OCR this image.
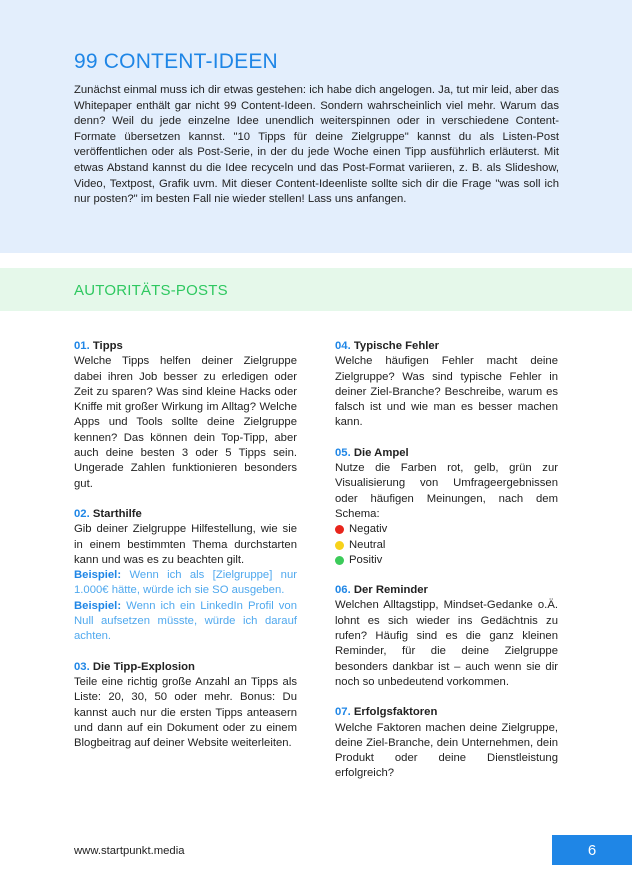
99 CONTENT-IDEEN

Zunächst einmal muss ich dir etwas gestehen: ich habe dich angelogen. Ja, tut mir leid, aber das Whitepaper enthält gar nicht 99 Content-Ideen. Sondern wahrscheinlich viel mehr. Warum das denn? Weil du jede einzelne Idee unendlich weiterspinnen oder in verschiedene Content-Formate übersetzen kannst. "10 Tipps für deine Zielgruppe" kannst du als Listen-Post veröffentlichen oder als Post-Serie, in der du jede Woche einen Tipp ausführlich erläuterst. Mit etwas Abstand kannst du die Idee recyceln und das Post-Format variieren, z. B. als Slideshow, Video, Textpost, Grafik uvm. Mit dieser Content-Ideenliste sollte sich dir die Frage "was soll ich nur posten?" im besten Fall nie wieder stellen! Lass uns anfangen.

AUTORITÄTS-POSTS

01. Tipps

Welche Tipps helfen deiner Zielgruppe dabei ihren Job besser zu erledigen oder Zeit zu sparen? Was sind kleine Hacks oder Kniffe mit großer Wirkung im Alltag? Welche Apps und Tools sollte deine Zielgruppe kennen? Das können dein Top-Tipp, aber auch deine besten 3 oder 5 Tipps sein. Ungerade Zahlen funktionieren besonders gut.

02. Starthilfe

Gib deiner Zielgruppe Hilfestellung, wie sie in einem bestimmten Thema durchstarten kann und was es zu beachten gilt.

Beispiel: Wenn ich als [Zielgruppe] nur 1.000€ hätte, würde ich sie SO ausgeben.

Beispiel: Wenn ich ein LinkedIn Profil von Null aufsetzen müsste, würde ich darauf achten.

03. Die Tipp-Explosion

Teile eine richtig große Anzahl an Tipps als Liste: 20, 30, 50 oder mehr. Bonus: Du kannst auch nur die ersten Tipps anteasern und dann auf ein Dokument oder zu einem Blogbeitrag auf deiner Website weiterleiten.

04. Typische Fehler

Welche häufigen Fehler macht deine Zielgruppe? Was sind typische Fehler in deiner Ziel-Branche? Beschreibe, warum es falsch ist und wie man es besser machen kann.

05. Die Ampel

Nutze die Farben rot, gelb, grün zur Visualisierung von Umfrageergebnissen oder häufigen Meinungen, nach dem Schema:

Negativ

Neutral

Positiv

06. Der Reminder

Welchen Alltagstipp, Mindset-Gedanke o.Ä. lohnt es sich wieder ins Gedächtnis zu rufen? Häufig sind es die ganz kleinen Reminder, für die deine Zielgruppe besonders dankbar ist – auch wenn sie dir noch so unbedeutend vorkommen.

07. Erfolgsfaktoren

Welche Faktoren machen deine Zielgruppe, deine Ziel-Branche, dein Unternehmen, dein Produkt oder deine Dienstleistung erfolgreich?

www.startpunkt.media	6
